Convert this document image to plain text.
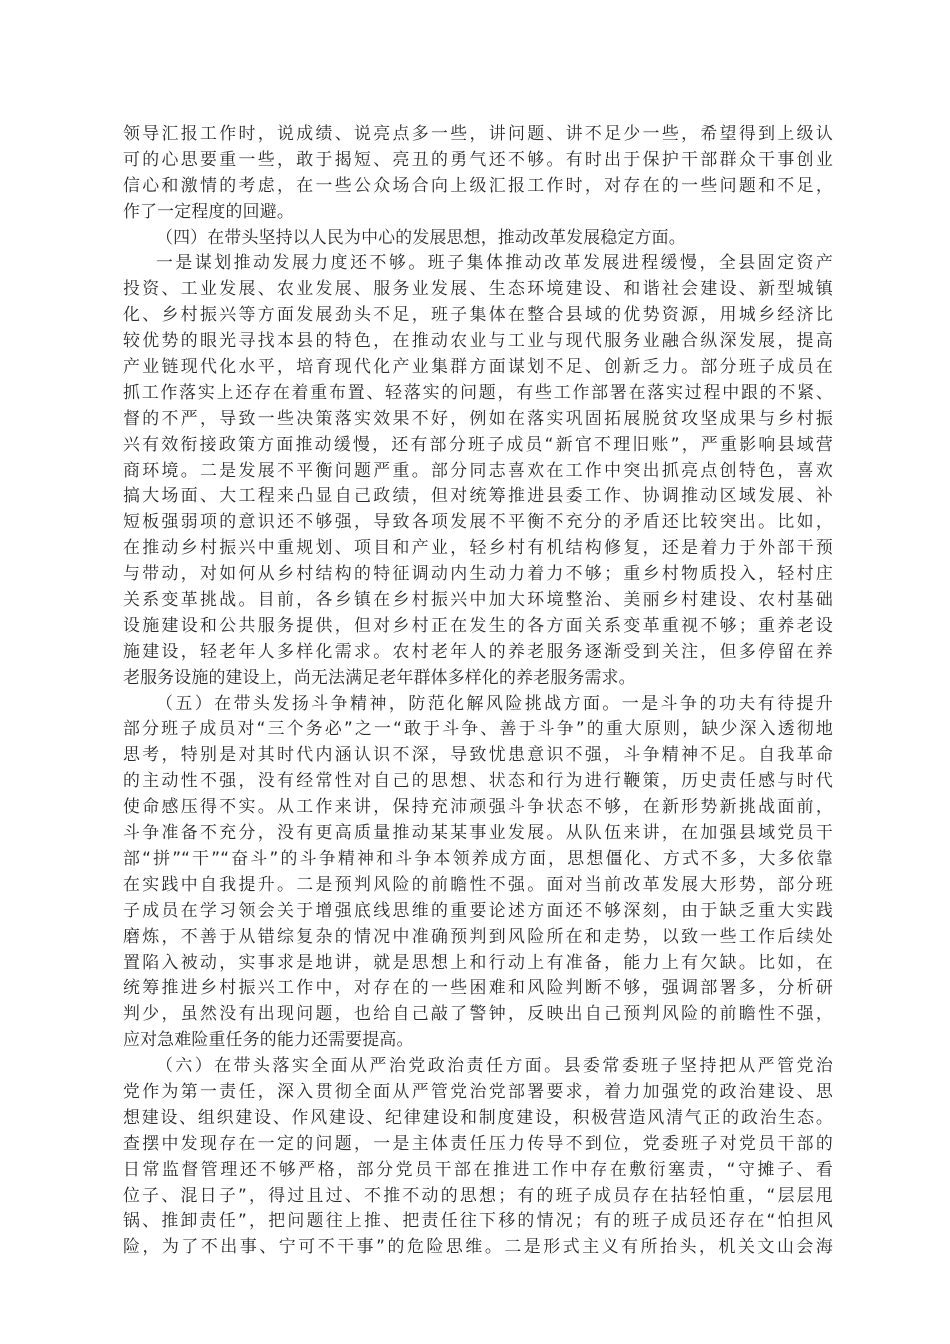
领导汇报工作时，说成绩、说亮点多一些，讲问题、讲不足少一些，希望得到上级认
可的心思要重一些，敢于揭短、亮丑的勇气还不够。有时出于保护干部群众干事创业
信心和激情的考虑，在一些公众场合向上级汇报工作时，对存在的一些问题和不足，
作了一定程度的回避。
（四）在带头坚持以人民为中心的发展思想，推动改革发展稳定方面。
一是谋划推动发展力度还不够。班子集体推动改革发展进程缓慢，全县固定资产
投资、工业发展、农业发展、服务业发展、生态环境建设、和谐社会建设、新型城镇
化、乡村振兴等方面发展劲头不足，班子集体在整合县域的优势资源，用城乡经济比
较优势的眼光寻找本县的特色，在推动农业与工业与现代服务业融合纵深发展，提高
产业链现代化水平，培育现代化产业集群方面谋划不足、创新乏力。部分班子成员在
抓工作落实上还存在着重布置、轻落实的问题，有些工作部署在落实过程中跟的不紧、
督的不严，导致一些决策落实效果不好，例如在落实巩固拓展脱贫攻坚成果与乡村振
兴有效衔接政策方面推动缓慢，还有部分班子成员“新官不理旧账”，严重影响县域营
商环境。二是发展不平衡问题严重。部分同志喜欢在工作中突出抓亮点创特色，喜欢
搞大场面、大工程来凸显自己政绩，但对统筹推进县委工作、协调推动区域发展、补
短板强弱项的意识还不够强，导致各项发展不平衡不充分的矛盾还比较突出。比如，
在推动乡村振兴中重规划、项目和产业，轻乡村有机结构修复，还是着力于外部干预
与带动，对如何从乡村结构的特征调动内生动力着力不够；重乡村物质投入，轻村庄
关系变革挑战。目前，各乡镇在乡村振兴中加大环境整治、美丽乡村建设、农村基础
设施建设和公共服务提供，但对乡村正在发生的各方面关系变革重视不够；重养老设
施建设，轻老年人多样化需求。农村老年人的养老服务逐渐受到关注，但多停留在养
老服务设施的建设上，尚无法满足老年群体多样化的养老服务需求。
（五）在带头发扬斗争精神，防范化解风险挑战方面。一是斗争的功夫有待提升
部分班子成员对“三个务必”之一“敢于斗争、善于斗争”的重大原则，缺少深入透彻地
思考，特别是对其时代内涵认识不深，导致忧患意识不强，斗争精神不足。自我革命
的主动性不强，没有经常性对自己的思想、状态和行为进行鞭策，历史责任感与时代
使命感压得不实。从工作来讲，保持充沛顽强斗争状态不够，在新形势新挑战面前，
斗争准备不充分，没有更高质量推动某某事业发展。从队伍来讲，在加强县域党员干
部“拼”“干”“奋斗”的斗争精神和斗争本领养成方面，思想僵化、方式不多，大多依靠
在实践中自我提升。二是预判风险的前瞻性不强。面对当前改革发展大形势，部分班
子成员在学习领会关于增强底线思维的重要论述方面还不够深刻，由于缺乏重大实践
磨炼，不善于从错综复杂的情况中准确预判到风险所在和走势，以致一些工作后续处
置陷入被动，实事求是地讲，就是思想上和行动上有准备，能力上有欠缺。比如，在
统筹推进乡村振兴工作中，对存在的一些困难和风险判断不够，强调部署多，分析研
判少，虽然没有出现问题，也给自己敲了警钟，反映出自己预判风险的前瞻性不强，
应对急难险重任务的能力还需要提高。
（六）在带头落实全面从严治党政治责任方面。县委常委班子坚持把从严管党治
党作为第一责任，深入贯彻全面从严管党治党部署要求，着力加强党的政治建设、思
想建设、组织建设、作风建设、纪律建设和制度建设，积极营造风清气正的政治生态。
查摆中发现存在一定的问题，一是主体责任压力传导不到位，党委班子对党员干部的
日常监督管理还不够严格，部分党员干部在推进工作中存在敷衍塞责，“守摊子、看
位子、混日子”，得过且过、不推不动的思想；有的班子成员存在拈轻怕重，“层层甩
锅、推卸责任”，把问题往上推、把责任往下移的情况；有的班子成员还存在“怕担风
险，为了不出事、宁可不干事”的危险思维。二是形式主义有所抬头，机关文山会海
